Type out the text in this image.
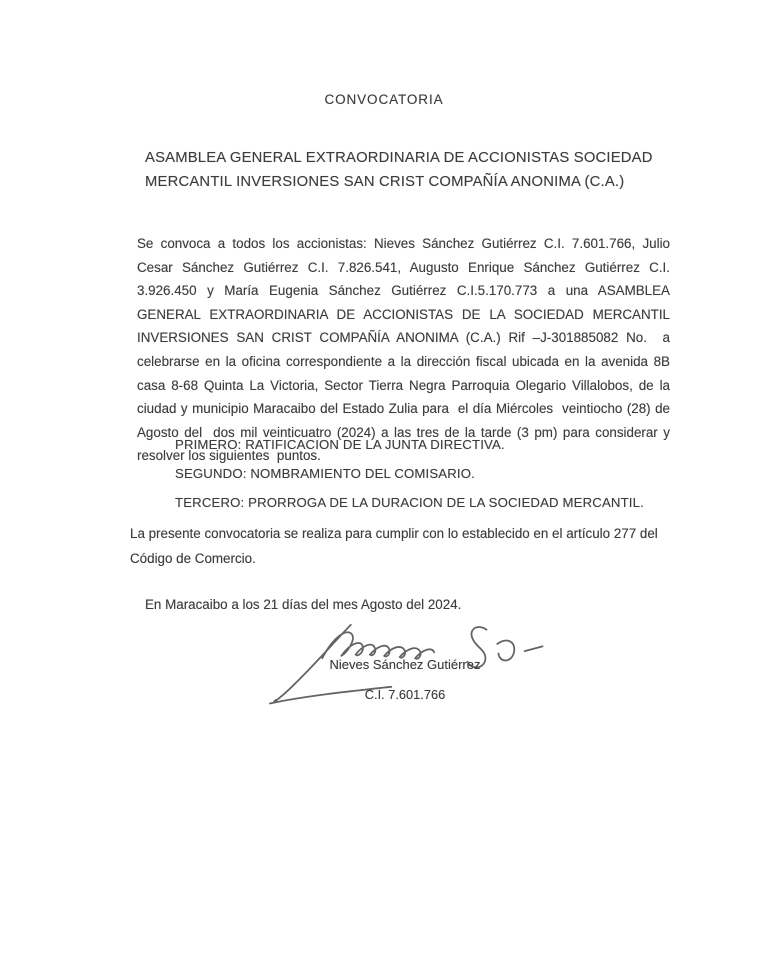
CONVOCATORIA
ASAMBLEA GENERAL EXTRAORDINARIA DE ACCIONISTAS SOCIEDAD
MERCANTIL INVERSIONES SAN CRIST COMPAÑÍA ANONIMA (C.A.)

Se convoca a todos los accionistas: Nieves Sánchez Gutiérrez C.I. 7.601.766, Julio Cesar Sánchez Gutiérrez C.I. 7.826.541, Augusto Enrique Sánchez Gutiérrez C.I. 3.926.450 y María Eugenia Sánchez Gutiérrez C.I.5.170.773 a una ASAMBLEA GENERAL EXTRAORDINARIA DE ACCIONISTAS DE LA SOCIEDAD MERCANTIL INVERSIONES SAN CRIST COMPAÑÍA ANONIMA (C.A.) Rif –J-301885082 No.  a celebrarse en la oficina correspondiente a la dirección fiscal ubicada en la avenida 8B casa 8-68 Quinta La Victoria, Sector Tierra Negra Parroquia Olegario Villalobos, de la ciudad y municipio Maracaibo del Estado Zulia para  el día Miércoles  veintiocho (28) de Agosto del  dos mil veinticuatro (2024) a las tres de la tarde (3 pm) para considerar y resolver los siguientes  puntos.

PRIMERO: RATIFICACION DE LA JUNTA DIRECTIVA.
SEGUNDO: NOMBRAMIENTO DEL COMISARIO.
TERCERO: PRORROGA DE LA DURACION DE LA SOCIEDAD MERCANTIL.

La presente convocatoria se realiza para cumplir con lo establecido en el artículo 277 del Código de Comercio.

En Maracaibo a los 21 días del mes Agosto del 2024.
Nieves Sánchez Gutiérrez
C.I. 7.601.766
